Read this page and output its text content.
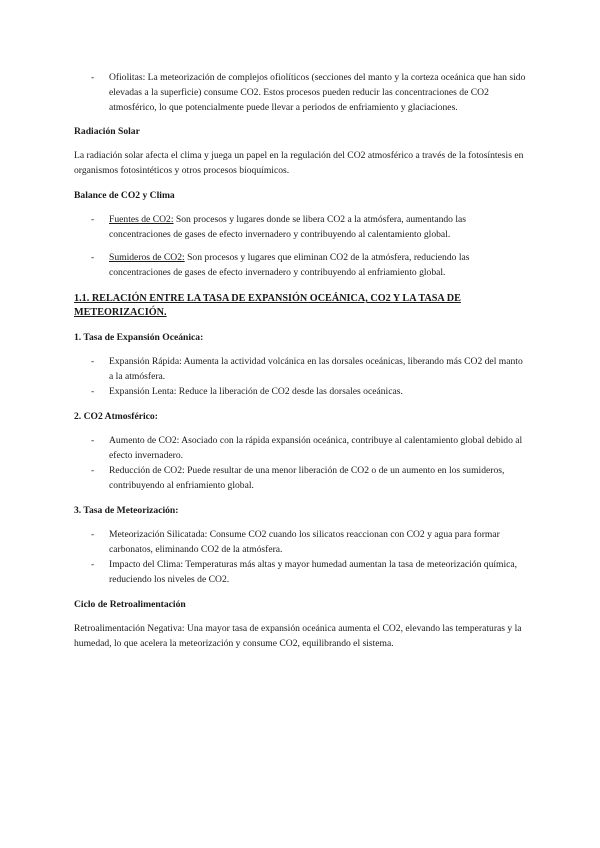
- Ofiolitas: La meteorización de complejos ofiolíticos (secciones del manto y la corteza oceánica que han sido elevadas a la superficie) consume CO2. Estos procesos pueden reducir las concentraciones de CO2 atmosférico, lo que potencialmente puede llevar a periodos de enfriamiento y glaciaciones.

Radiación Solar

La radiación solar afecta el clima y juega un papel en la regulación del CO2 atmosférico a través de la fotosíntesis en organismos fotosintéticos y otros procesos bioquímicos.

Balance de CO2 y Clima

- Fuentes de CO2: Son procesos y lugares donde se libera CO2 a la atmósfera, aumentando las concentraciones de gases de efecto invernadero y contribuyendo al calentamiento global.
- Sumideros de CO2: Son procesos y lugares que eliminan CO2 de la atmósfera, reduciendo las concentraciones de gases de efecto invernadero y contribuyendo al enfriamiento global.

1.1. RELACIÓN ENTRE LA TASA DE EXPANSIÓN OCEÁNICA, CO2 Y LA TASA DE METEORIZACIÓN.

1. Tasa de Expansión Oceánica:

- Expansión Rápida: Aumenta la actividad volcánica en las dorsales oceánicas, liberando más CO2 del manto a la atmósfera.
- Expansión Lenta: Reduce la liberación de CO2 desde las dorsales oceánicas.

2. CO2 Atmosférico:

- Aumento de CO2: Asociado con la rápida expansión oceánica, contribuye al calentamiento global debido al efecto invernadero.
- Reducción de CO2: Puede resultar de una menor liberación de CO2 o de un aumento en los sumideros, contribuyendo al enfriamiento global.

3. Tasa de Meteorización:

- Meteorización Silicatada: Consume CO2 cuando los silicatos reaccionan con CO2 y agua para formar carbonatos, eliminando CO2 de la atmósfera.
- Impacto del Clima: Temperaturas más altas y mayor humedad aumentan la tasa de meteorización química, reduciendo los niveles de CO2.

Ciclo de Retroalimentación

Retroalimentación Negativa: Una mayor tasa de expansión oceánica aumenta el CO2, elevando las temperaturas y la humedad, lo que acelera la meteorización y consume CO2, equilibrando el sistema.
